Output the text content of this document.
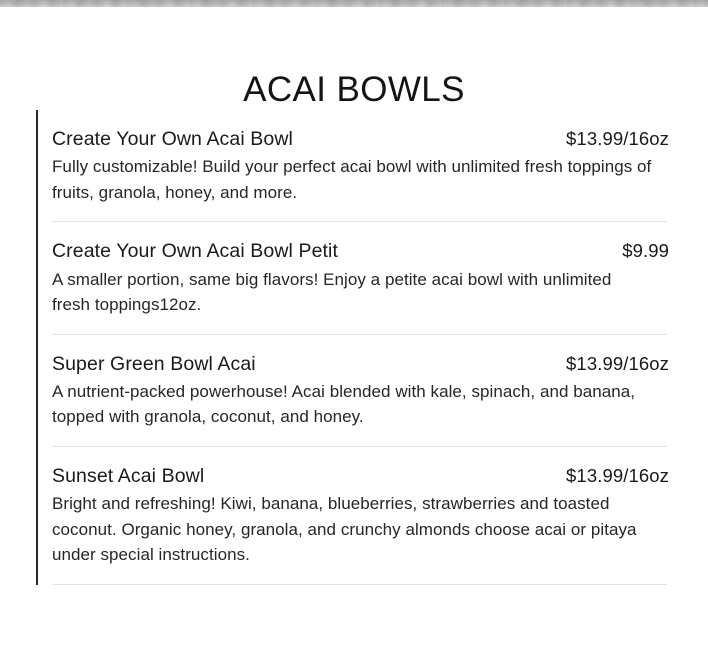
ACAI BOWLS
Create Your Own Acai Bowl	$13.99/16oz
Fully customizable! Build your perfect acai bowl with unlimited fresh toppings of fruits, granola, honey, and more.
Create Your Own Acai Bowl Petit	$9.99
A smaller portion, same big flavors! Enjoy a petite acai bowl with unlimited fresh toppings12oz.
Super Green Bowl Acai	$13.99/16oz
A nutrient-packed powerhouse! Acai blended with kale, spinach, and banana, topped with granola, coconut, and honey.
Sunset Acai Bowl	$13.99/16oz
Bright and refreshing! Kiwi, banana, blueberries, strawberries and toasted coconut. Organic honey, granola, and crunchy almonds choose acai or pitaya under special instructions.
